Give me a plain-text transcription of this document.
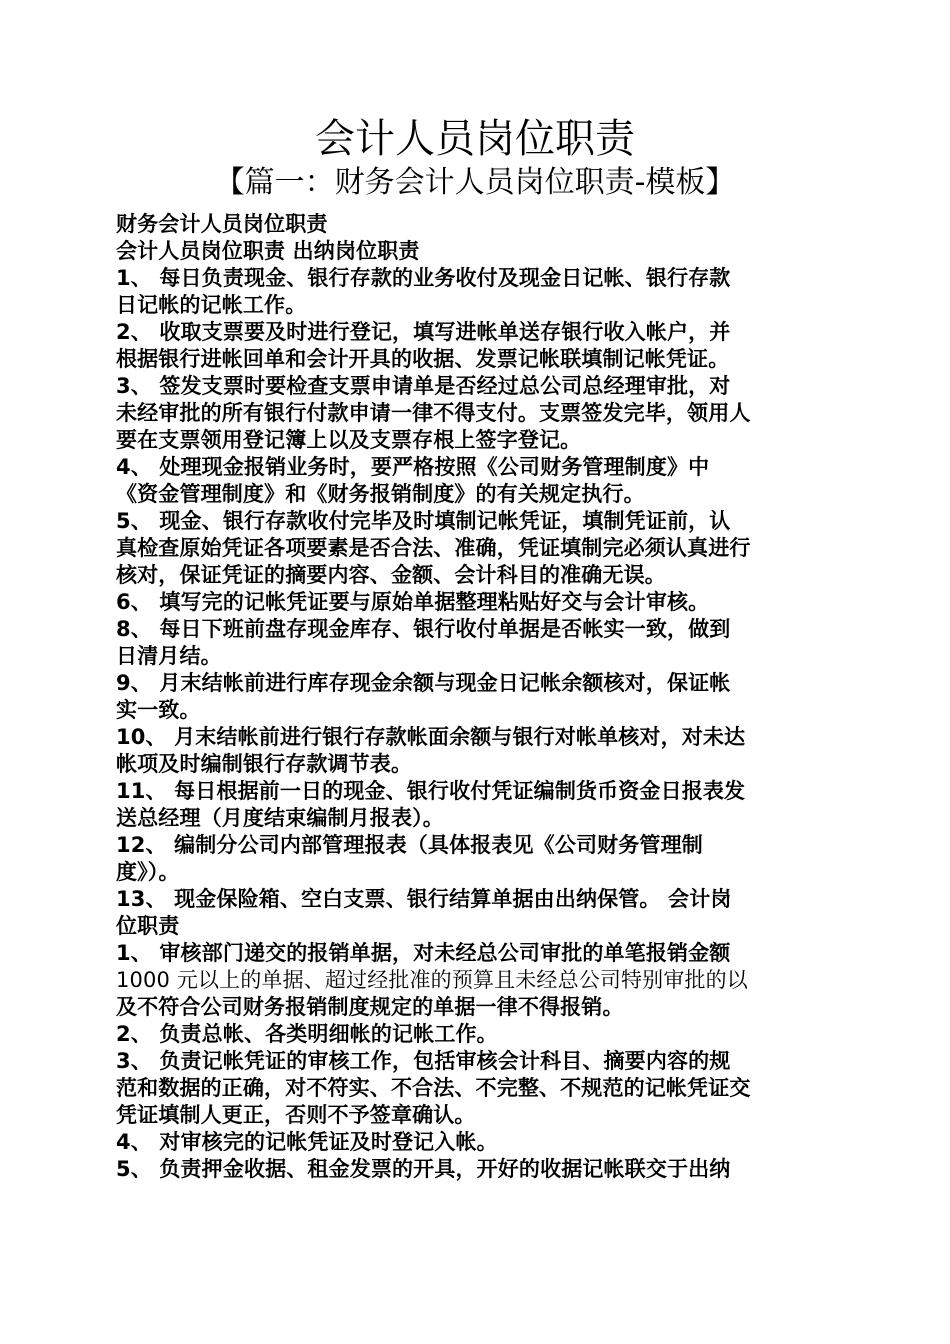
会计人员岗位职责
【篇一：财务会计人员岗位职责-模板】
财务会计人员岗位职责
会计人员岗位职责 出纳岗位职责
1、 每日负责现金、银行存款的业务收付及现金日记帐、银行存款
日记帐的记帐工作。
2、 收取支票要及时进行登记，填写进帐单送存银行收入帐户，并
根据银行进帐回单和会计开具的收据、发票记帐联填制记帐凭证。
3、 签发支票时要检查支票申请单是否经过总公司总经理审批，对
未经审批的所有银行付款申请一律不得支付。支票签发完毕，领用人
要在支票领用登记簿上以及支票存根上签字登记。
4、 处理现金报销业务时，要严格按照《公司财务管理制度》中
《资金管理制度》和《财务报销制度》的有关规定执行。
5、 现金、银行存款收付完毕及时填制记帐凭证，填制凭证前，认
真检查原始凭证各项要素是否合法、准确，凭证填制完必须认真进行
核对，保证凭证的摘要内容、金额、会计科目的准确无误。
6、 填写完的记帐凭证要与原始单据整理粘贴好交与会计审核。
8、 每日下班前盘存现金库存、银行收付单据是否帐实一致，做到
日清月结。
9、 月末结帐前进行库存现金余额与现金日记帐余额核对，保证帐
实一致。
10、 月末结帐前进行银行存款帐面余额与银行对帐单核对，对未达
帐项及时编制银行存款调节表。
11、 每日根据前一日的现金、银行收付凭证编制货币资金日报表发
送总经理（月度结束编制月报表）。
12、 编制分公司内部管理报表（具体报表见《公司财务管理制
度》）。
13、 现金保险箱、空白支票、银行结算单据由出纳保管。 会计岗
位职责
1、 审核部门递交的报销单据，对未经总公司审批的单笔报销金额
1000 元以上的单据、超过经批准的预算且未经总公司特别审批的以
及不符合公司财务报销制度规定的单据一律不得报销。
2、 负责总帐、各类明细帐的记帐工作。
3、 负责记帐凭证的审核工作，包括审核会计科目、摘要内容的规
范和数据的正确，对不符实、不合法、不完整、不规范的记帐凭证交
凭证填制人更正，否则不予签章确认。
4、 对审核完的记帐凭证及时登记入帐。
5、 负责押金收据、租金发票的开具，开好的收据记帐联交于出纳
